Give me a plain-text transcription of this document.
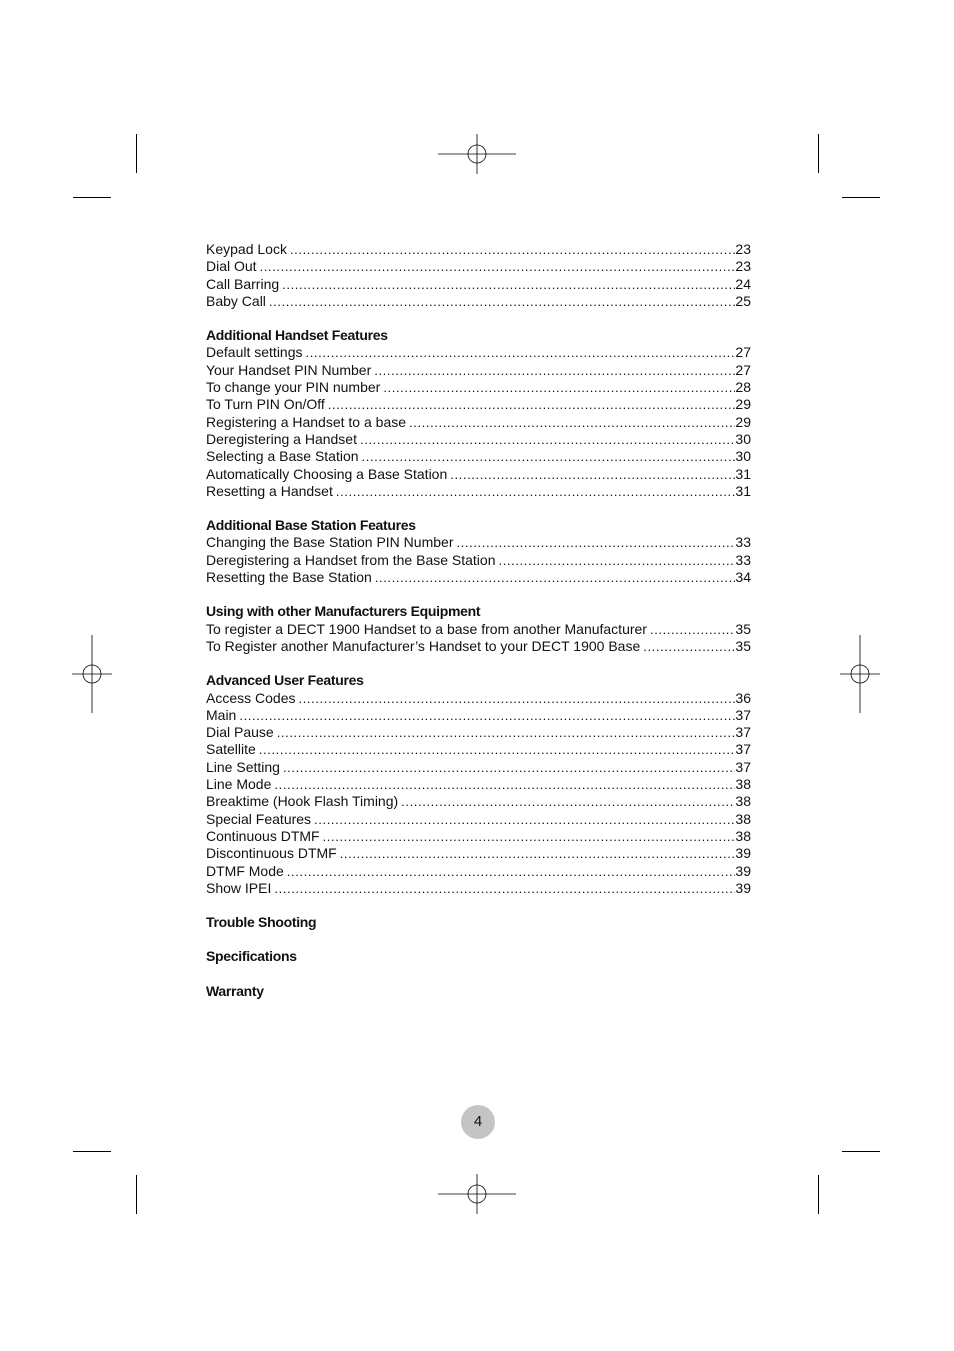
Keypad Lock .....	23
Dial Out .....	23
Call Barring .....	24
Baby Call .....	25
Additional Handset Features
Default settings .....	27
Your Handset PIN Number .....	27
To change your PIN number .....	28
To Turn PIN On/Off .....	29
Registering a Handset to a base .....	29
Deregistering a Handset .....	30
Selecting a Base Station .....	30
Automatically Choosing a Base Station .....	31
Resetting a Handset .....	31
Additional Base Station Features
Changing the Base Station PIN Number .....	33
Deregistering a Handset from the Base Station .....	33
Resetting the Base Station .....	34
Using with other Manufacturers Equipment
To register a DECT 1900 Handset to a base from another Manufacturer .....	35
To Register another Manufacturer’s Handset to your DECT 1900 Base .....	35
Advanced User Features
Access Codes .....	36
Main .....	37
Dial Pause .....	37
Satellite .....	37
Line Setting .....	37
Line Mode .....	38
Breaktime (Hook Flash Timing) .....	38
Special Features .....	38
Continuous DTMF .....	38
Discontinuous DTMF .....	39
DTMF Mode .....	39
Show IPEI .....	39
Trouble Shooting
Specifications
Warranty
4
